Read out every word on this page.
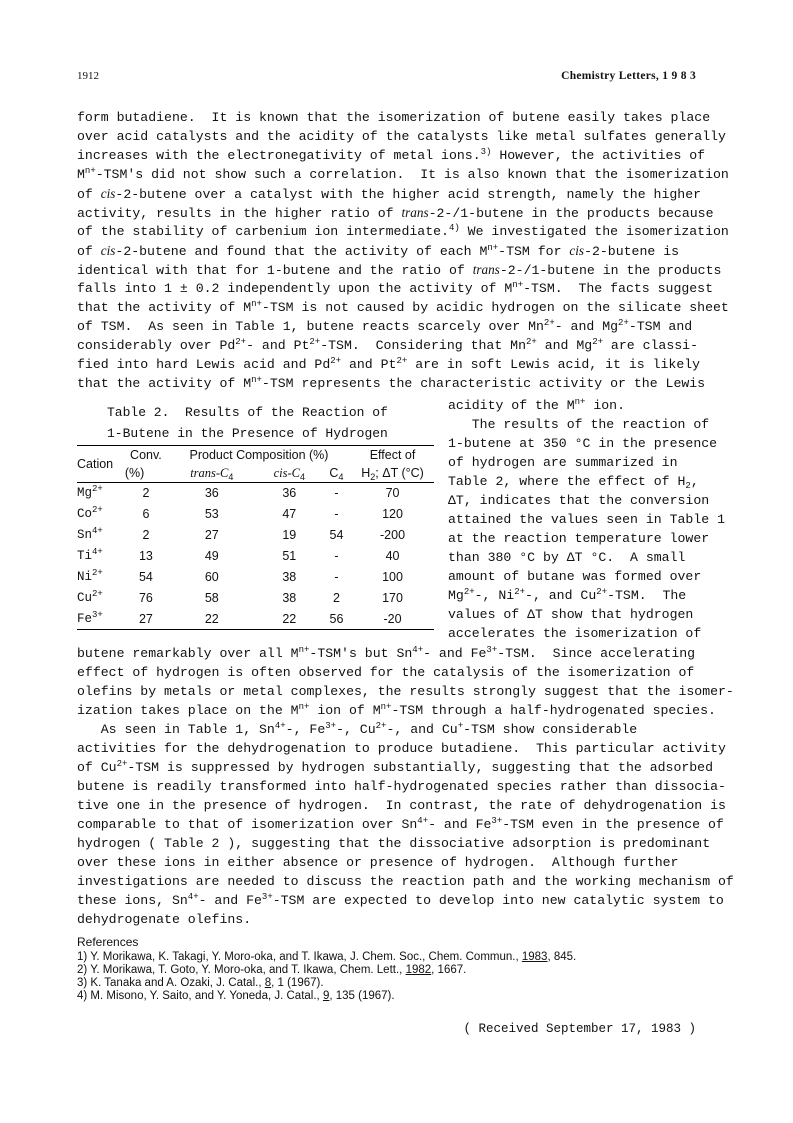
1912	Chemistry Letters, 1 9 8 3
form butadiene.  It is known that the isomerization of butene easily takes place
over acid catalysts and the acidity of the catalysts like metal sulfates generally
increases with the electronegativity of metal ions.$^{3)}$ However, the activities of
$M^{n+}-TSM's$ did not show such a correlation.  It is also known that the isomerization
of cis-2-butene over a catalyst with the higher acid strength, namely the higher
activity, results in the higher ratio of trans-2-/1-butene in the products because
of the stability of carbenium ion intermediate.$^{4)}$ We investigated the isomerization
of cis-2-butene and found that the activity of each $M^{n+}$-TSM for cis-2-butene is
identical with that for 1-butene and the ratio of trans-2-/1-butene in the products
falls into 1 ± 0.2 independently upon the activity of $M^{n+}$-TSM.  The facts suggest
that the activity of $M^{n+}$-TSM is not caused by acidic hydrogen on the silicate sheet
of TSM.  As seen in Table 1, butene reacts scarcely over $Mn^{2+}-$ and $Mg^{2+}$-TSM and
considerably over $Pd^{2+}-$ and $Pt^{2+}$-TSM.  Considering that $Mn^{2+}$ and $Mg^{2+}$ are classi-
fied into hard Lewis acid and $Pd^{2+}$ and $Pt^{2+}$ are in soft Lewis acid, it is likely
that the activity of $M^{n+}$-TSM represents the characteristic activity or the Lewis
Table 2.  Results of the Reaction of
1-Butene in the Presence of Hydrogen
Cation	Conv.	Product Composition (%)			Effect of
	(%)	trans-$C_4$	cis-$C_4$	$C_4$	$H_2$; ΔT (°C)
$Mg^{2+}$	2	36	36	-	70
$Co^{2+}$	6	53	47	-	120
$Sn^{4+}$	2	27	19	54	-200
$Ti^{4+}$	13	49	51	-	40
$Ni^{2+}$	54	60	38	-	100
$Cu^{2+}$	76	58	38	2	170
$Fe^{3+}$	27	22	22	56	-20
acidity of the $M^{n+}$ ion.
The results of the reaction of
1-butene at 350 °C in the presence
of hydrogen are summarized in
Table 2, where the effect of $H_2$,
ΔT, indicates that the conversion
attained the values seen in Table 1
at the reaction temperature lower
than 380 °C by ΔT °C.  A small
amount of butane was formed over
$Mg^{2+}-$, $Ni^{2+}-$, and $Cu^{2+}$-TSM.  The
values of ΔT show that hydrogen
accelerates the isomerization of
butene remarkably over all $M^{n+}-TSM's$ but $Sn^{4+}-$ and $Fe^{3+}$-TSM.  Since accelerating
effect of hydrogen is often observed for the catalysis of the isomerization of
olefins by metals or metal complexes, the results strongly suggest that the isomer-
ization takes place on the $M^{n+}$ ion of $M^{n+}$-TSM through a half-hydrogenated species.
As seen in Table 1, $Sn^{4+}-$, $Fe^{3+}-$, $Cu^{2+}-$, and Cu+-TSM show considerable
activities for the dehydrogenation to produce butadiene.  This particular activity
of $Cu^{2+}$-TSM is suppressed by hydrogen substantially, suggesting that the adsorbed
butene is readily transformed into half-hydrogenated species rather than dissocia-
tive one in the presence of hydrogen.  In contrast, the rate of dehydrogenation is
comparable to that of isomerization over $Sn^{4+}-$ and $Fe^{3+}$-TSM even in the presence of
hydrogen ( Table 2 ), suggesting that the dissociative adsorption is predominant
over these ions in either absence or presence of hydrogen.  Although further
investigations are needed to discuss the reaction path and the working mechanism of
these ions, $Sn^{4+}-$ and $Fe^{3+}$-TSM are expected to develop into new catalytic system to
dehydrogenate olefins.
References
1) Y. Morikawa, K. Takagi, Y. Moro-oka, and T. Ikawa, J. Chem. Soc., Chem. Commun., 1983, 845.
2) Y. Morikawa, T. Goto, Y. Moro-oka, and T. Ikawa, Chem. Lett., 1982, 1667.
3) K. Tanaka and A. Ozaki, J. Catal., 8, 1 (1967).
4) M. Misono, Y. Saito, and Y. Yoneda, J. Catal., 9, 135 (1967).
( Received September 17, 1983 )
